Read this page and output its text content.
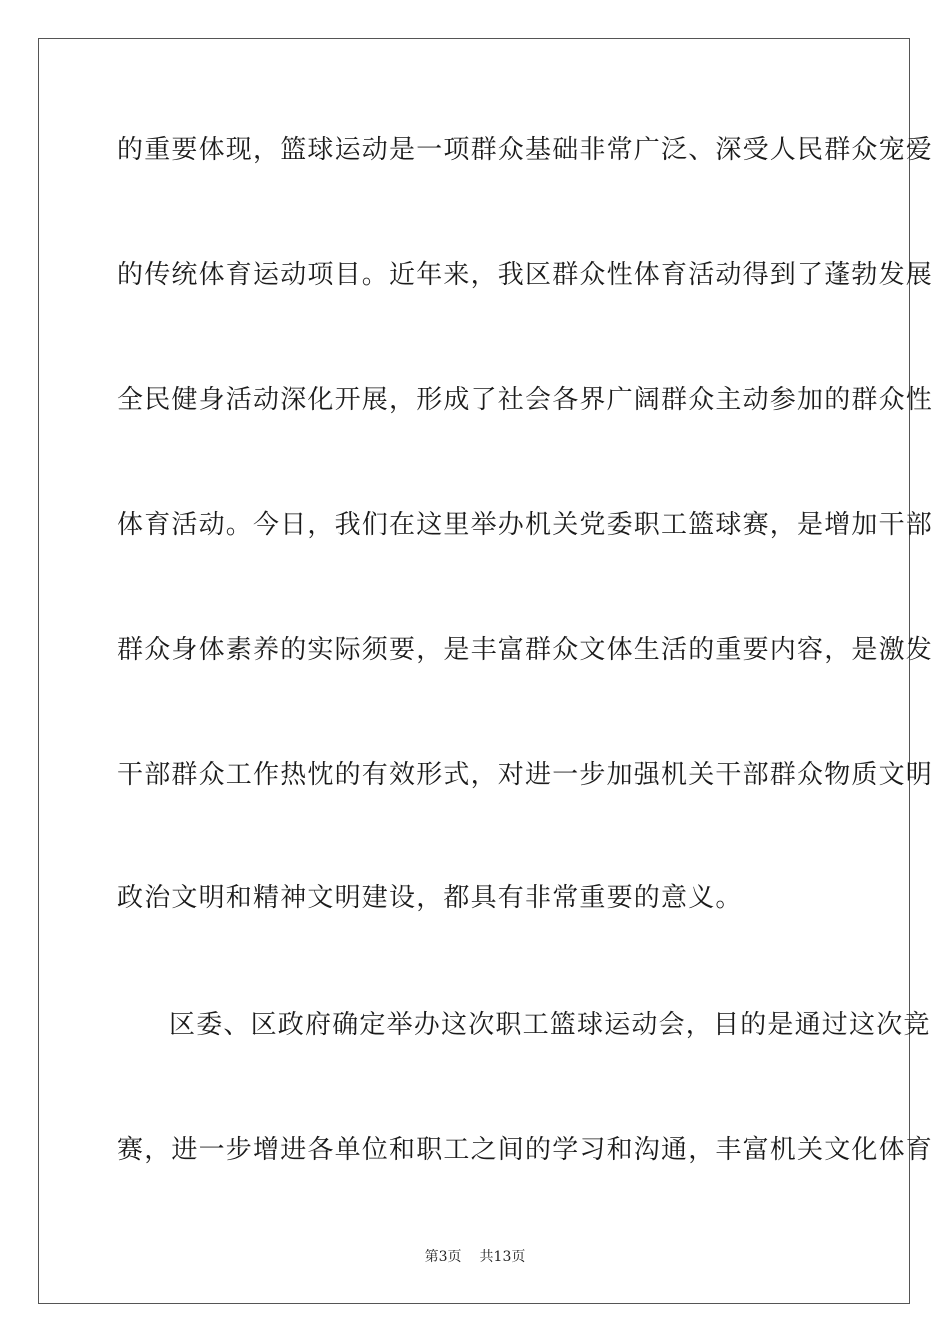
的重要体现，篮球运动是一项群众基础非常广泛、深受人民群众宠爱
的传统体育运动项目。近年来，我区群众性体育活动得到了蓬勃发展
全民健身活动深化开展，形成了社会各界广阔群众主动参加的群众性
体育活动。今日，我们在这里举办机关党委职工篮球赛，是增加干部
群众身体素养的实际须要，是丰富群众文体生活的重要内容，是激发
干部群众工作热忱的有效形式，对进一步加强机关干部群众物质文明
政治文明和精神文明建设，都具有非常重要的意义。
区委、区政府确定举办这次职工篮球运动会，目的是通过这次竞
赛，进一步增进各单位和职工之间的学习和沟通，丰富机关文化体育
第3页 共13页
